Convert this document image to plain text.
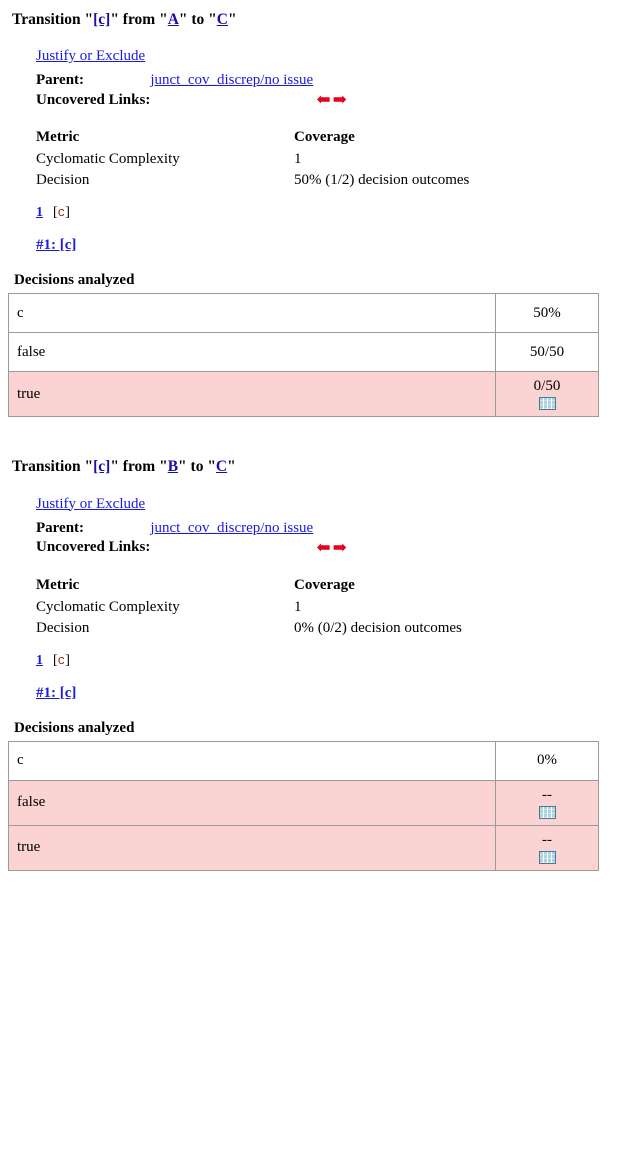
Transition "[c]" from "A" to "C"
Justify or Exclude
Parent:	junct_cov_discrep/no issue
Uncovered Links:	⬅ ➡
Metric	Coverage
Cyclomatic Complexity	1
Decision	50% (1/2) decision outcomes
1 [c]
#1: [c]
Decisions analyzed
c	50%

false	50/50

true	0/50
Transition "[c]" from "B" to "C"
Justify or Exclude
Parent:	junct_cov_discrep/no issue
Uncovered Links:	⬅ ➡
Metric	Coverage
Cyclomatic Complexity	1
Decision	0% (0/2) decision outcomes
1 [c]
#1: [c]
Decisions analyzed
c	0%

false	--

true	--
